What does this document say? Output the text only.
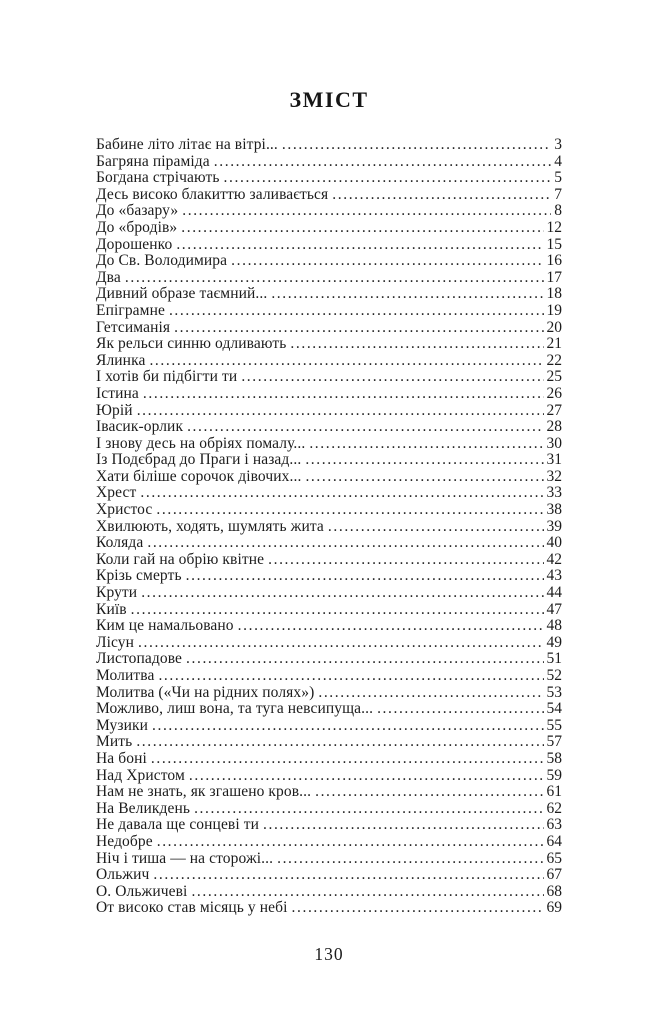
ЗМІСТ
Бабине літо літає на вітрі... .....	3
Багряна піраміда .....	4
Богдана стрічають .....	5
Десь високо блакиттю заливається .....	7
До «базару» .....	8
До «бродів» .....	12
Дорошенко .....	15
До Св. Володимира .....	16
Два .....	17
Дивний образе таємний... .....	18
Епіграмне .....	19
Гетсиманія .....	20
Як рельси синню одливають .....	21
Ялинка .....	22
І хотів би підбігти ти .....	25
Істина .....	26
Юрій .....	27
Івасик-орлик .....	28
І знову десь на обріях помалу... .....	30
Із Подєбрад до Праги і назад... .....	31
Хати біліше сорочок дівочих... .....	32
Хрест .....	33
Христос .....	38
Хвилюють, ходять, шумлять жита .....	39
Коляда .....	40
Коли гай на обрію квітне .....	42
Крізь смерть .....	43
Крути .....	44
Київ .....	47
Ким це намальовано .....	48
Лісун .....	49
Листопадове .....	51
Молитва .....	52
Молитва («Чи на рідних полях») .....	53
Можливо, лиш вона, та туга невсипуща... .....	54
Музики .....	55
Мить .....	57
На боні .....	58
Над Христом .....	59
Нам не знать, як згашено кров... .....	61
На Великдень .....	62
Не давала ще сонцеві ти .....	63
Недобре .....	64
Ніч і тиша — на сторожі... .....	65
Ольжич .....	67
О. Ольжичеві .....	68
От високо став місяць у небі .....	69
130
